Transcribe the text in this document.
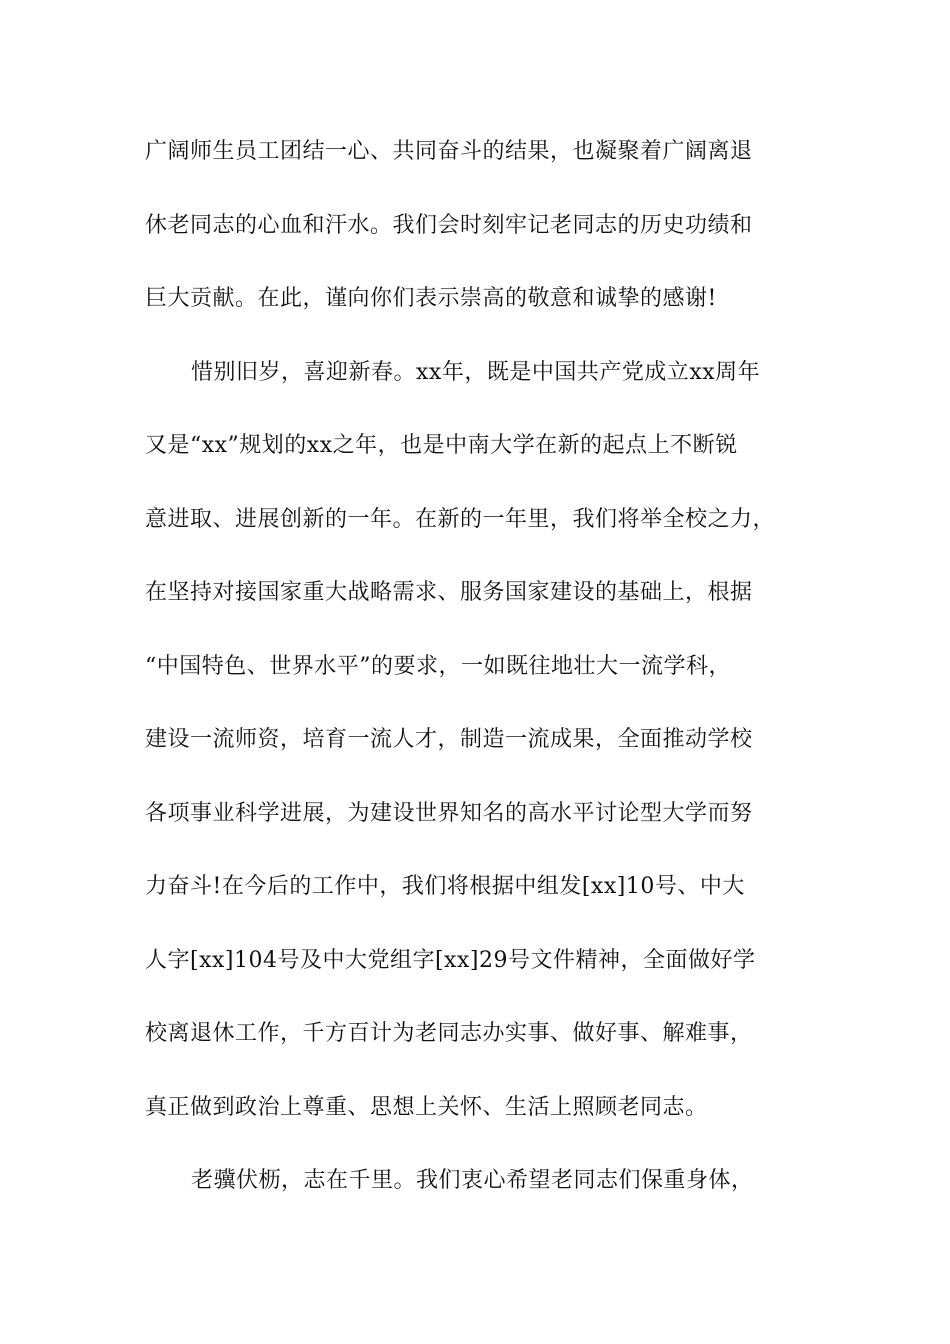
广阔师生员工团结一心、共同奋斗的结果，也凝聚着广阔离退
休老同志的心血和汗水。我们会时刻牢记老同志的历史功绩和
巨大贡献。在此，谨向你们表示崇高的敬意和诚挚的感谢!
惜别旧岁，喜迎新春。xx年，既是中国共产党成立xx周年
又是“xx”规划的xx之年，也是中南大学在新的起点上不断锐
意进取、进展创新的一年。在新的一年里，我们将举全校之力，
在坚持对接国家重大战略需求、服务国家建设的基础上，根据
“中国特色、世界水平”的要求，一如既往地壮大一流学科，
建设一流师资，培育一流人才，制造一流成果，全面推动学校
各项事业科学进展，为建设世界知名的高水平讨论型大学而努
力奋斗!在今后的工作中，我们将根据中组发[xx]10号、中大
人字[xx]104号及中大党组字[xx]29号文件精神，全面做好学
校离退休工作，千方百计为老同志办实事、做好事、解难事，
真正做到政治上尊重、思想上关怀、生活上照顾老同志。
老骥伏枥，志在千里。我们衷心希望老同志们保重身体，
